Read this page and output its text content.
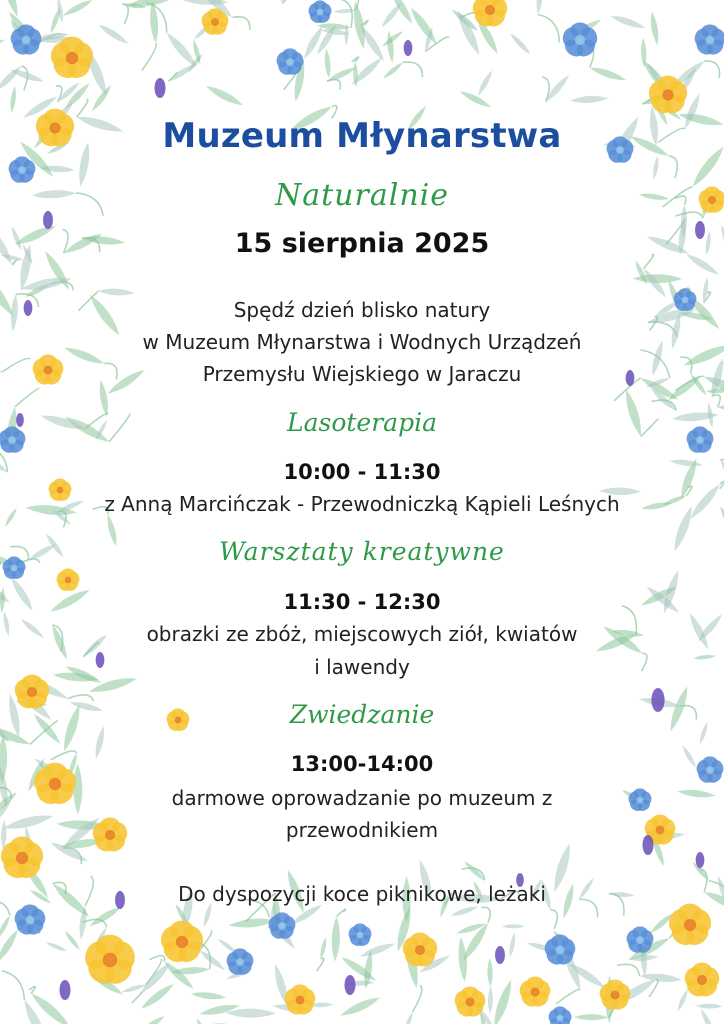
Muzeum Młynarstwa
Naturalnie
15 sierpnia 2025
Spędź dzień blisko natury
w Muzeum Młynarstwa i Wodnych Urządzeń
Przemysłu Wiejskiego w Jaraczu
Lasoterapia
10:00 - 11:30
z Anną Marcińczak - Przewodniczką Kąpieli Leśnych
Warsztaty kreatywne
11:30 - 12:30
obrazki ze zbóż, miejscowych ziół, kwiatów
i lawendy
Zwiedzanie
13:00-14:00
darmowe oprowadzanie po muzeum z
przewodnikiem
Do dyspozycji koce piknikowe, leżaki
